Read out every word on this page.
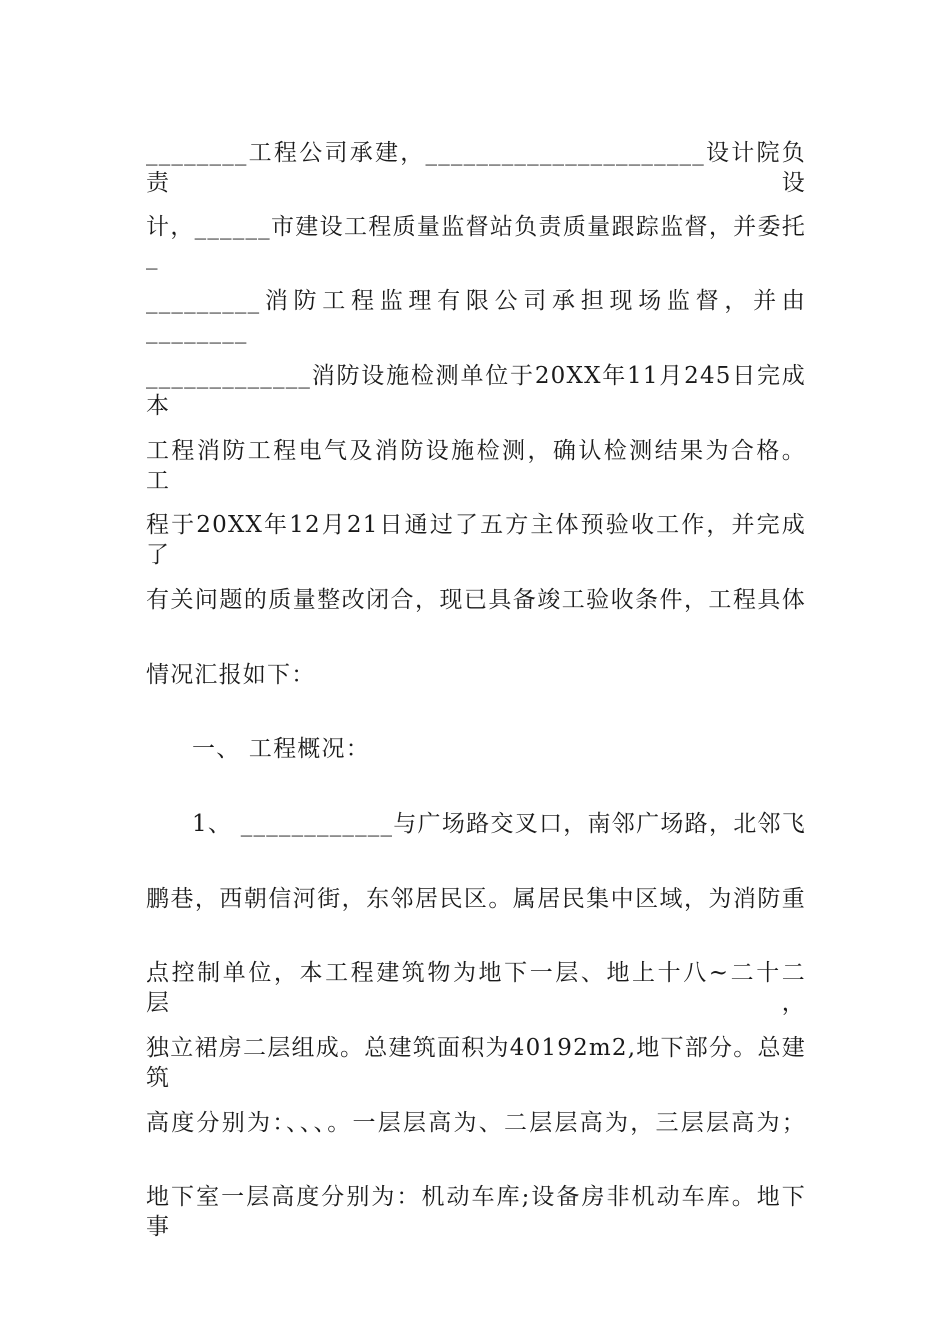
________工程公司承建，______________________设计院负责设
计，______市建设工程质量监督站负责质量跟踪监督，并委托_
_________消防工程监理有限公司承担现场监督，并由________
_____________消防设施检测单位于20XX年11月245日完成本
工程消防工程电气及消防设施检测，确认检测结果为合格。 工
程于20XX年12月21日通过了五方主体预验收工作，并完成了
有关问题的质量整改闭合，现已具备竣工验收条件，工程具体
情况汇报如下：
一、 工程概况：
1、 ____________与广场路交叉口，南邻广场路，北邻飞
鹏巷，西朝信河街，东邻居民区。属居民集中区域，为消防重
点控制单位，本工程建筑物为地下一层、地上十八~二十二层，
独立裙房二层组成。总建筑面积为40192m2,地下部分。总建筑
高度分别为：、、、。一层层高为、二层层高为，三层层高为；
地下室一层高度分别为：机动车库;设备房非机动车库。地下事
